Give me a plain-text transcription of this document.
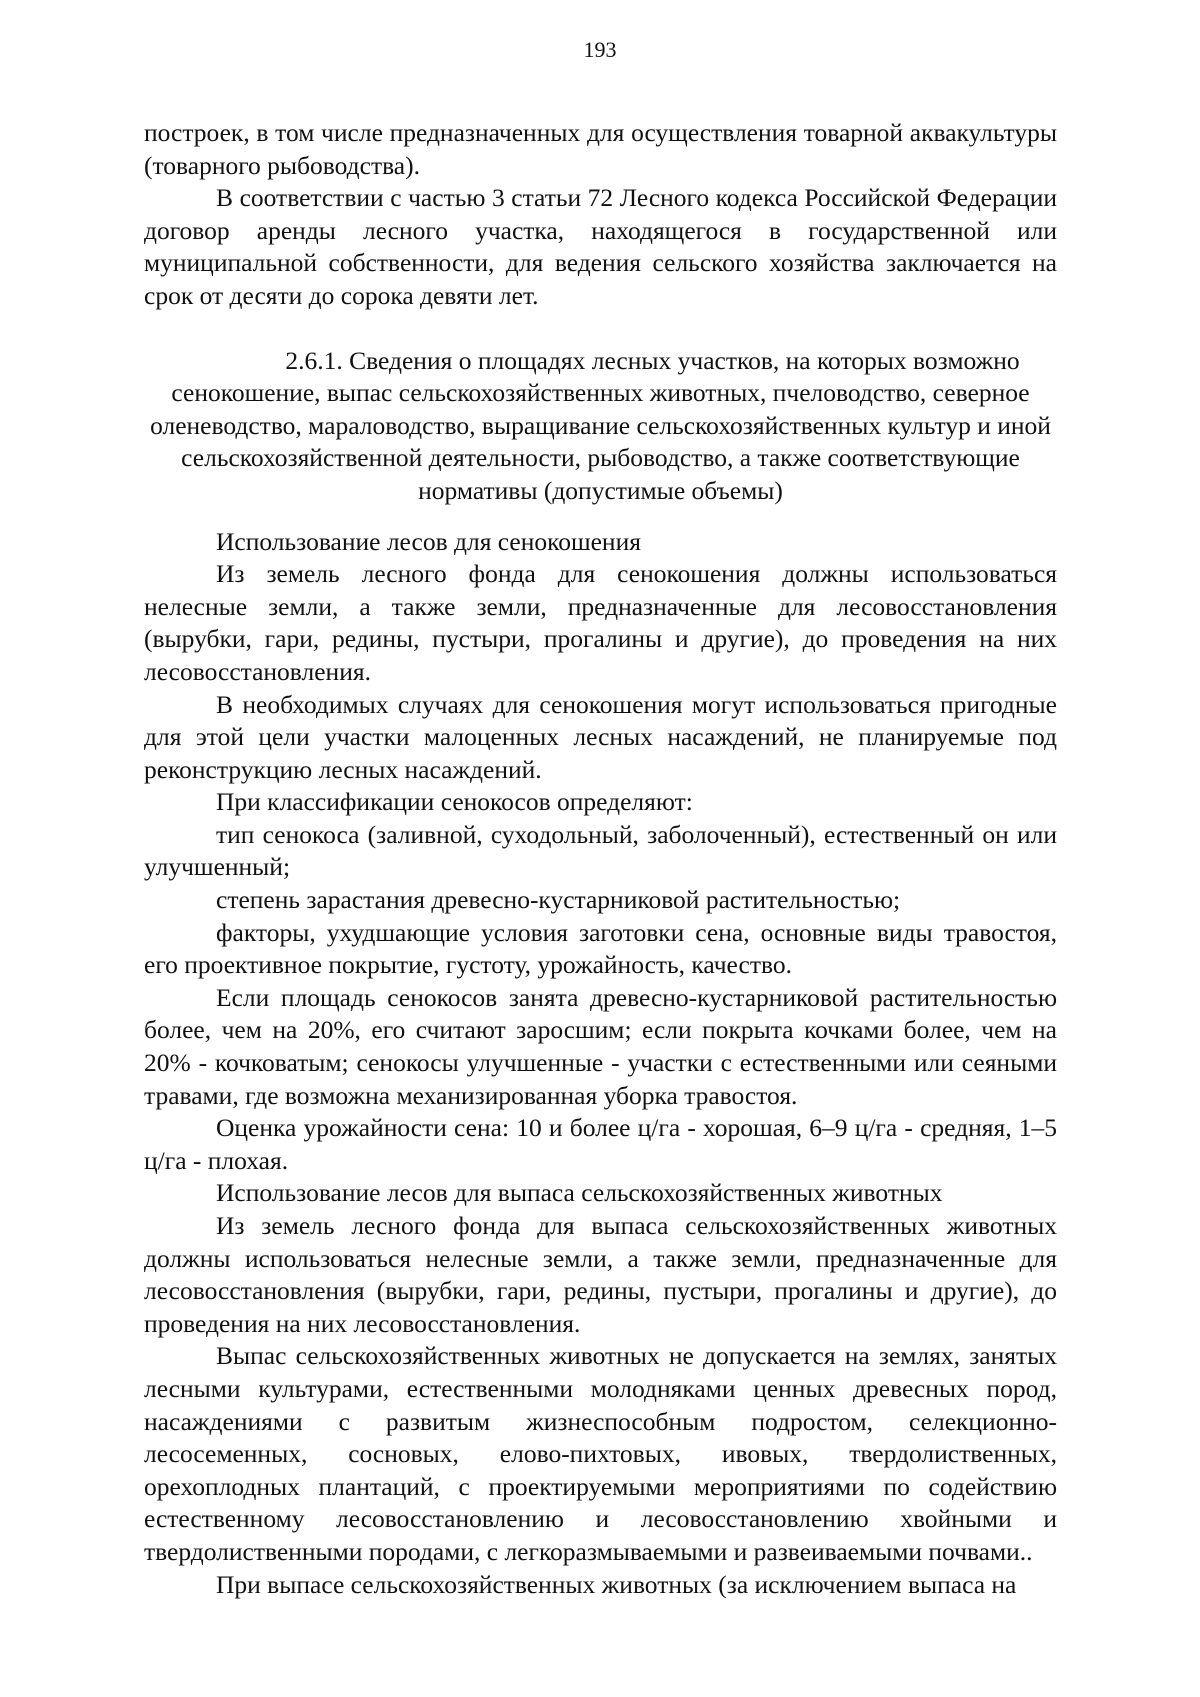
193

построек, в том числе предназначенных для осуществления товарной аквакультуры (товарного рыбоводства).

В соответствии с частью 3 статьи 72 Лесного кодекса Российской Федерации договор аренды лесного участка, находящегося в государственной или муниципальной собственности, для ведения сельского хозяйства заключается на срок от десяти до сорока девяти лет.

2.6.1. Сведения о площадях лесных участков, на которых возможно сенокошение, выпас сельскохозяйственных животных, пчеловодство, северное оленеводство, мараловодство, выращивание сельскохозяйственных культур и иной сельскохозяйственной деятельности, рыбоводство, а также соответствующие нормативы (допустимые объемы)

Использование лесов для сенокошения

Из земель лесного фонда для сенокошения должны использоваться нелесные земли, а также земли, предназначенные для лесовосстановления (вырубки, гари, редины, пустыри, прогалины и другие), до проведения на них лесовосстановления.

В необходимых случаях для сенокошения могут использоваться пригодные для этой цели участки малоценных лесных насаждений, не планируемые под реконструкцию лесных насаждений.

При классификации сенокосов определяют:

тип сенокоса (заливной, суходольный, заболоченный), естественный он или улучшенный;

степень зарастания древесно-кустарниковой растительностью;

факторы, ухудшающие условия заготовки сена, основные виды травостоя, его проективное покрытие, густоту, урожайность, качество.

Если площадь сенокосов занята древесно-кустарниковой растительностью более, чем на 20%, его считают заросшим; если покрыта кочками более, чем на 20% - кочковатым; сенокосы улучшенные - участки с естественными или сеяными травами, где возможна механизированная уборка травостоя.

Оценка урожайности сена: 10 и более ц/га - хорошая, 6–9 ц/га - средняя, 1–5 ц/га - плохая.

Использование лесов для выпаса сельскохозяйственных животных

Из земель лесного фонда для выпаса сельскохозяйственных животных должны использоваться нелесные земли, а также земли, предназначенные для лесовосстановления (вырубки, гари, редины, пустыри, прогалины и другие), до проведения на них лесовосстановления.

Выпас сельскохозяйственных животных не допускается на землях, занятых лесными культурами, естественными молодняками ценных древесных пород, насаждениями с развитым жизнеспособным подростом, селекционно-лесосеменных, сосновых, елово-пихтовых, ивовых, твердолиственных, орехоплодных плантаций, с проектируемыми мероприятиями по содействию естественному лесовосстановлению и лесовосстановлению хвойными и твердолиственными породами, с легкоразмываемыми и развеиваемыми почвами..

При выпасе сельскохозяйственных животных (за исключением выпаса на
